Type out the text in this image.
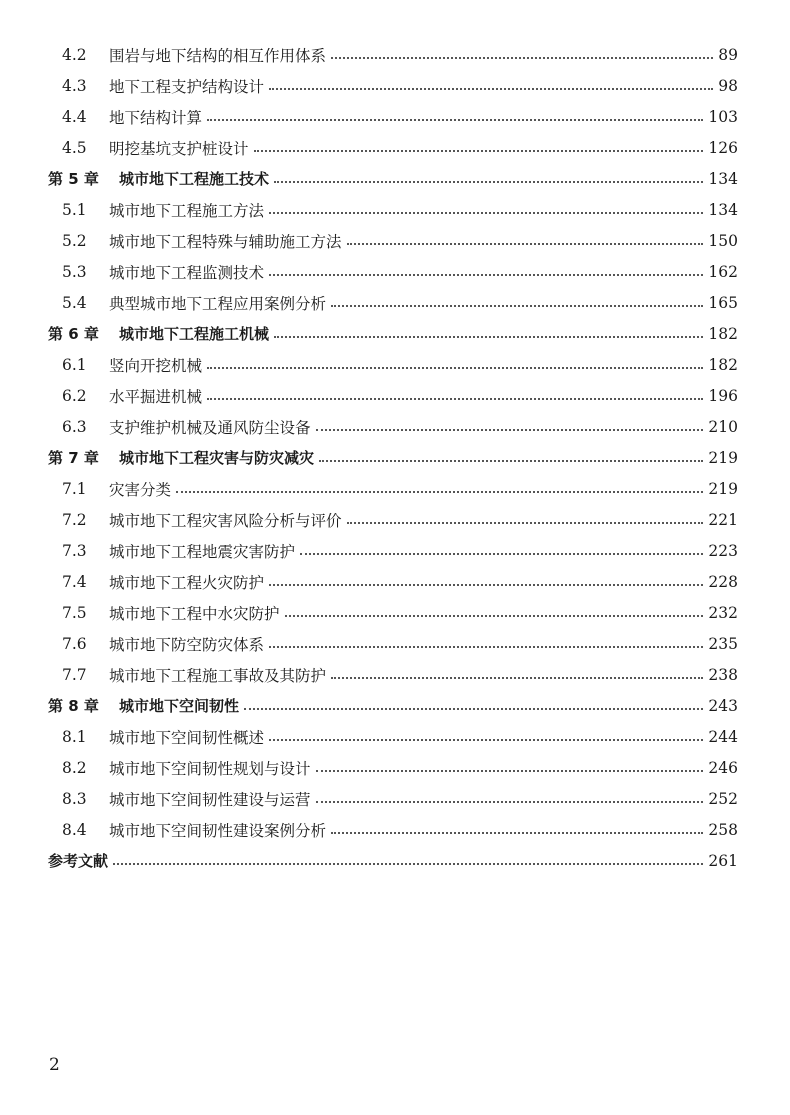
4.2	围岩与地下结构的相互作用体系	89
4.3	地下工程支护结构设计	98
4.4	地下结构计算	103
4.5	明挖基坑支护桩设计	126
第 5 章	城市地下工程施工技术	134
5.1	城市地下工程施工方法	134
5.2	城市地下工程特殊与辅助施工方法	150
5.3	城市地下工程监测技术	162
5.4	典型城市地下工程应用案例分析	165
第 6 章	城市地下工程施工机械	182
6.1	竖向开挖机械	182
6.2	水平掘进机械	196
6.3	支护维护机械及通风防尘设备	210
第 7 章	城市地下工程灾害与防灾减灾	219
7.1	灾害分类	219
7.2	城市地下工程灾害风险分析与评价	221
7.3	城市地下工程地震灾害防护	223
7.4	城市地下工程火灾防护	228
7.5	城市地下工程中水灾防护	232
7.6	城市地下防空防灾体系	235
7.7	城市地下工程施工事故及其防护	238
第 8 章	城市地下空间韧性	243
8.1	城市地下空间韧性概述	244
8.2	城市地下空间韧性规划与设计	246
8.3	城市地下空间韧性建设与运营	252
8.4	城市地下空间韧性建设案例分析	258
参考文献	261
2
